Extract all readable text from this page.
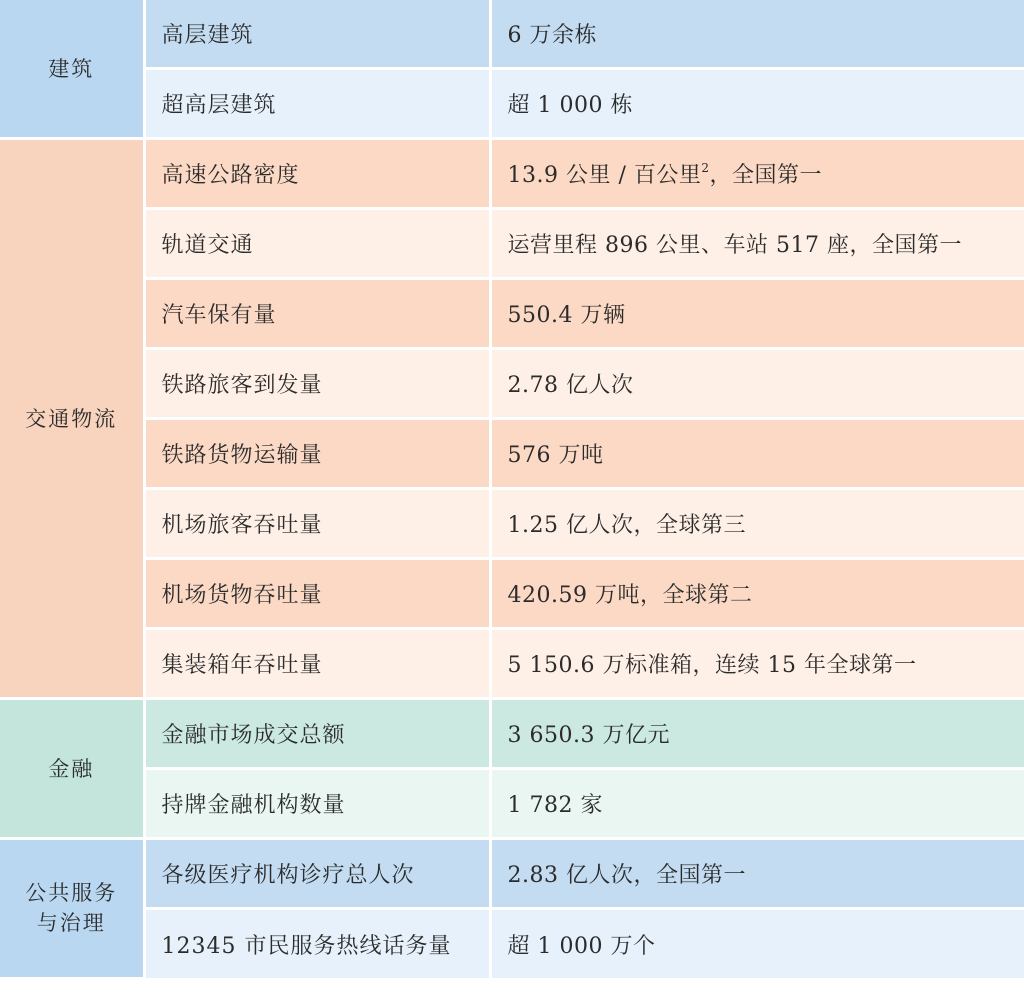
建筑	高层建筑	6 万余栋
	超高层建筑	超 1 000 栋
交通物流	高速公路密度	13.9 公里 / 百公里$^2$，全国第一
	轨道交通	运营里程 896 公里、车站 517 座，全国第一
	汽车保有量	550.4 万辆
	铁路旅客到发量	2.78 亿人次
	铁路货物运输量	576 万吨
	机场旅客吞吐量	1.25 亿人次，全球第三
	机场货物吞吐量	420.59 万吨，全球第二
	集装箱年吞吐量	5 150.6 万标准箱，连续 15 年全球第一
金融	金融市场成交总额	3 650.3 万亿元
	持牌金融机构数量	1 782 家
公共服务与治理	各级医疗机构诊疗总人次	2.83 亿人次，全国第一
	12345 市民服务热线话务量	超 1 000 万个
